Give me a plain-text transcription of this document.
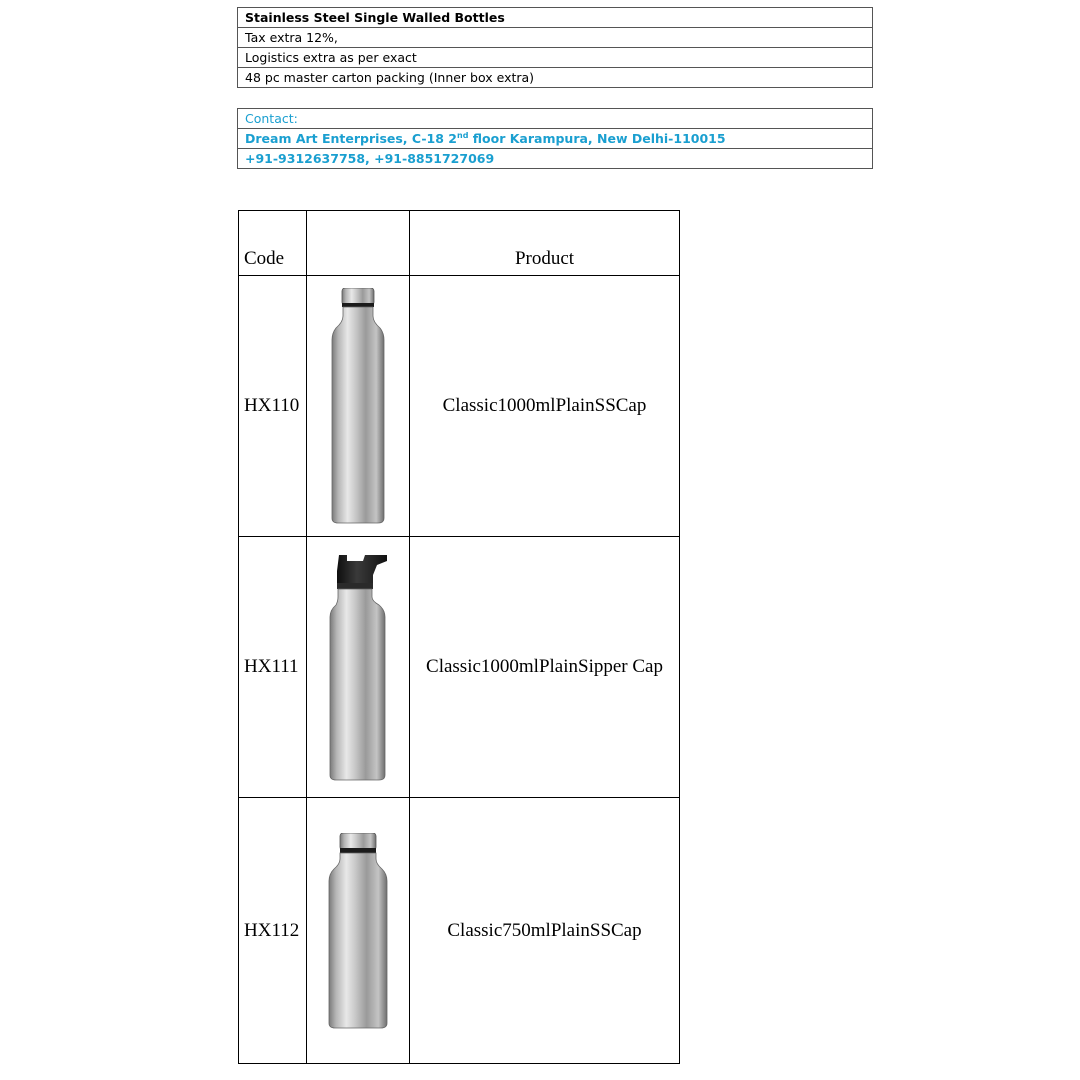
Stainless Steel Single Walled Bottles
Tax extra 12%,
Logistics extra as per exact
48 pc master carton packing (Inner box extra)
Contact:
Dream Art Enterprises, C-18 2nd floor Karampura, New Delhi-110015
+91-9312637758, +91-8851727069
Code		Product
HX110		Classic1000mlPlainSSCap
HX111		Classic1000mlPlainSipper Cap
HX112		Classic750mlPlainSSCap
